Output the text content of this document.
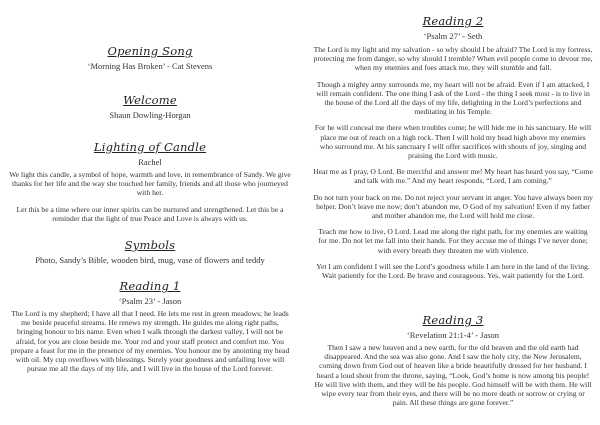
Opening Song
‘Morning Has Broken’ - Cat Stevens
Welcome
Shaun Dowling-Horgan
Lighting of Candle
Rachel

We light this candle, a symbol of hope, warmth and love, in remembrance of Sandy. We give thanks for her life and the way she touched her family, friends and all those who journeyed with her.

Let this be a time where our inner spirits can be nurtured and strengthened. Let this be a reminder that the light of true Peace and Love is always with us.

Symbols
Photo, Sandy’s Bible, wooden bird, mug, vase of flowers and teddy
Reading 1
‘Psalm 23’ - Jason

The Lord is my shepherd; I have all that I need. He lets me rest in green meadows; he leads me beside peaceful streams. He renews my strength. He guides me along right paths, bringing honour to his name. Even when I walk through the darkest valley, I will not be afraid, for you are close beside me. Your rod and your staff protect and comfort me. You prepare a feast for me in the presence of my enemies. You honour me by anointing my head with oil. My cup overflows with blessings. Surely your goodness and unfailing love will pursue me all the days of my life, and I will live in the house of the Lord forever.

Reading 2
‘Psalm 27’ - Seth

The Lord is my light and my salvation - so why should I be afraid? The Lord is my fortress, protecting me from danger, so why should I tremble? When evil people come to devour me, when my enemies and foes attack me, they will stumble and fall.

Though a mighty army surrounds me, my heart will not be afraid. Even if I am attacked, I will remain confident. The one thing I ask of the Lord - the thing I seek most - is to live in the house of the Lord all the days of my life, delighting in the Lord’s perfections and meditating in his Temple.

For he will conceal me there when troubles come; he will hide me in his sanctuary. He will place me out of reach on a high rock. Then I will hold my head high above my enemies who surround me. At his sanctuary I will offer sacrifices with shouts of joy, singing and praising the Lord with music.

Hear me as I pray, O Lord. Be merciful and answer me! My heart has heard you say, “Come and talk with me.” And my heart responds, “Lord, I am coming.”

Do not turn your back on me. Do not reject your servant in anger. You have always been my helper. Don’t leave me now; don’t abandon me, O God of my salvation! Even if my father and mother abandon me, the Lord will hold me close.

Teach me how to live, O Lord. Lead me along the right path, for my enemies are waiting for me. Do not let me fall into their hands. For they accuse me of things I’ve never done; with every breath they threaten me with violence.

Yet I am confident I will see the Lord’s goodness while I am here in the land of the living. Wait patiently for the Lord. Be brave and courageous. Yes, wait patiently for the Lord.

Reading 3
‘Revelation 21:1-4’ - Jason

Then I saw a new heaven and a new earth, for the old heaven and the old earth had disappeared. And the sea was also gone. And I saw the holy city, the New Jerusalem, coming down from God out of heaven like a bride beautifully dressed for her husband. I heard a loud shout from the throne, saying, “Look, God’s home is now among his people! He will live with them, and they will be his people. God himself will be with them. He will wipe every tear from their eyes, and there will be no more death or sorrow or crying or pain. All these things are gone forever.”
